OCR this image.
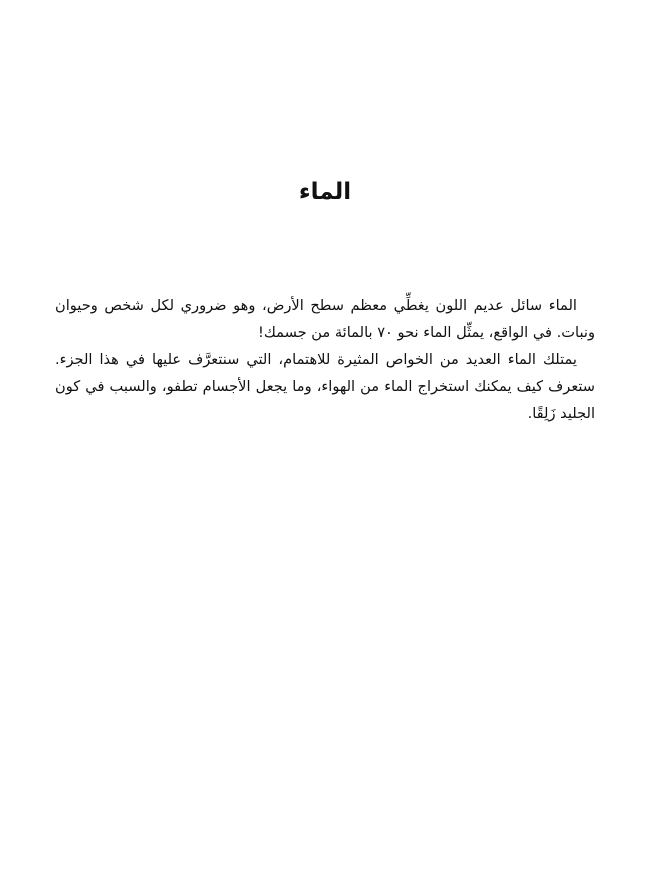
الماء

الماء سائل عديم اللون يغطِّي معظم سطح الأرض، وهو ضروري لكل شخص وحيوان ونبات. في الواقع، يمثِّل الماء نحو ٧٠ بالمائة من جسمك!

يمتلك الماء العديد من الخواص المثيرة للاهتمام، التي سنتعرَّف عليها في هذا الجزء. ستعرف كيف يمكنك استخراج الماء من الهواء، وما يجعل الأجسام تطفو، والسبب في كون الجليد زَلِقًا.
